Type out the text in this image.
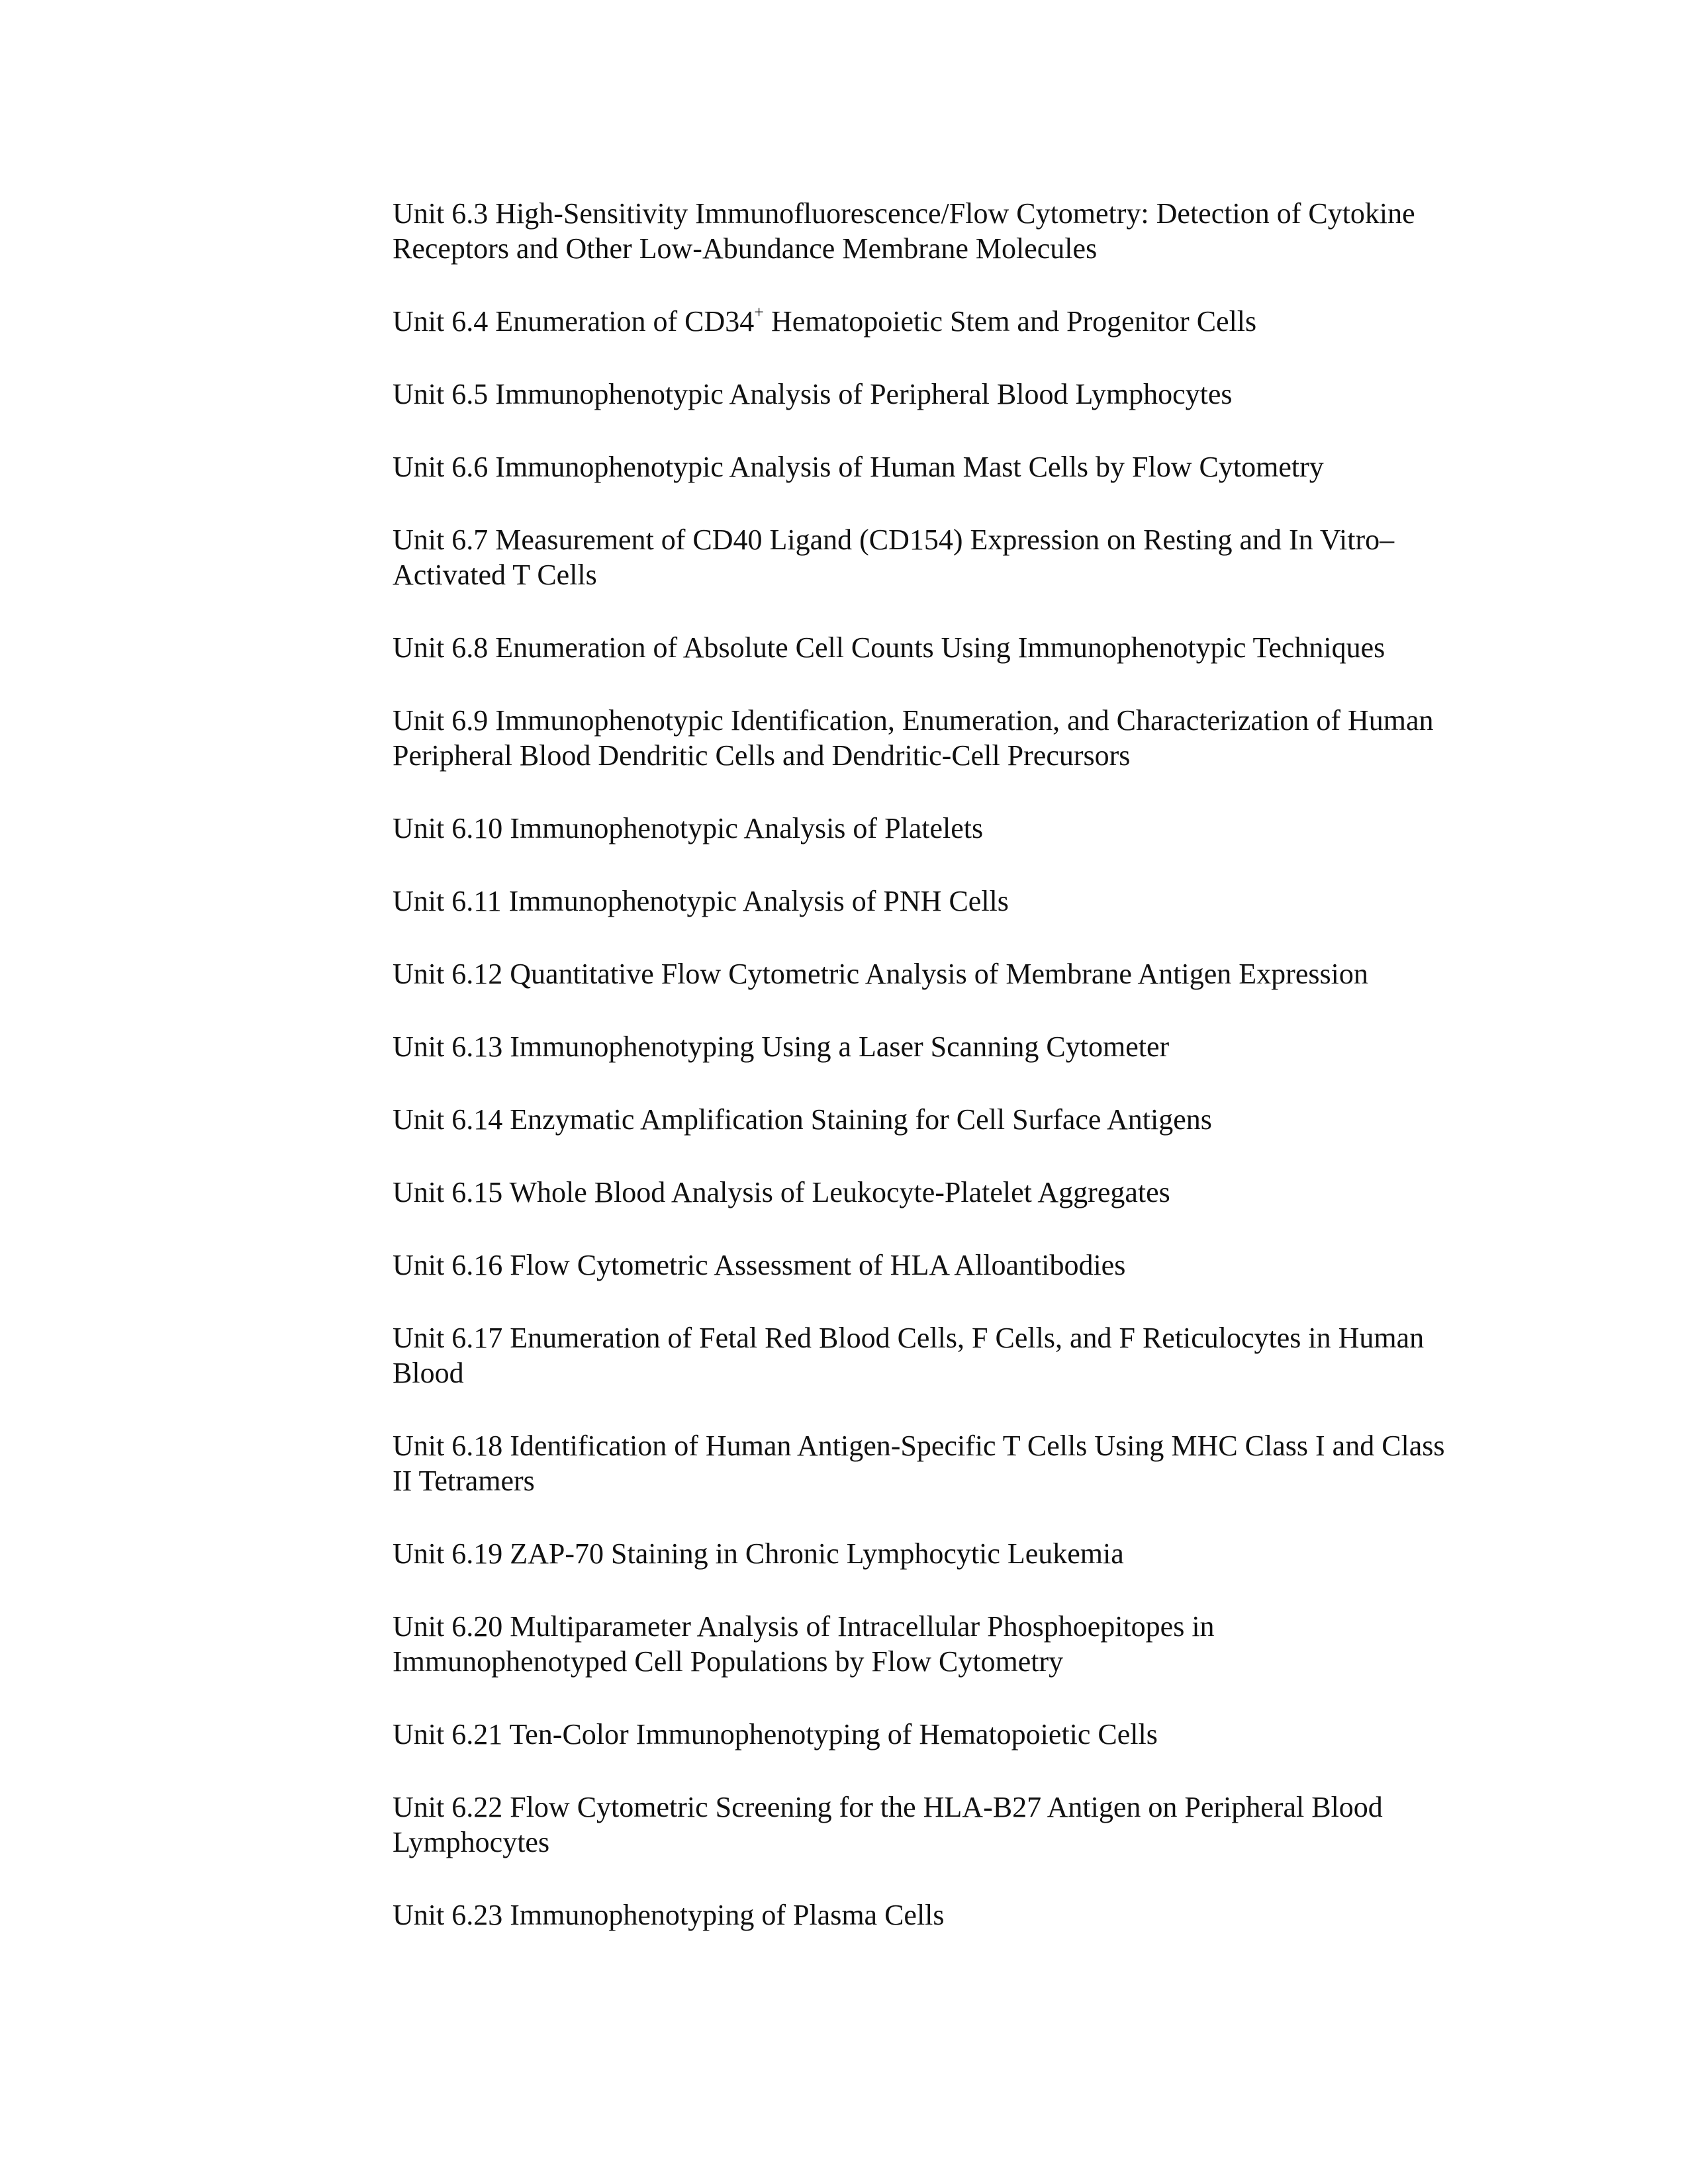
Unit 6.3 High-Sensitivity Immunofluorescence/Flow Cytometry: Detection of Cytokine Receptors and Other Low-Abundance Membrane Molecules
Unit 6.4 Enumeration of CD34+ Hematopoietic Stem and Progenitor Cells
Unit 6.5 Immunophenotypic Analysis of Peripheral Blood Lymphocytes
Unit 6.6 Immunophenotypic Analysis of Human Mast Cells by Flow Cytometry
Unit 6.7 Measurement of CD40 Ligand (CD154) Expression on Resting and In Vitro–Activated T Cells
Unit 6.8 Enumeration of Absolute Cell Counts Using Immunophenotypic Techniques
Unit 6.9 Immunophenotypic Identification, Enumeration, and Characterization of Human Peripheral Blood Dendritic Cells and Dendritic-Cell Precursors
Unit 6.10 Immunophenotypic Analysis of Platelets
Unit 6.11 Immunophenotypic Analysis of PNH Cells
Unit 6.12 Quantitative Flow Cytometric Analysis of Membrane Antigen Expression
Unit 6.13 Immunophenotyping Using a Laser Scanning Cytometer
Unit 6.14 Enzymatic Amplification Staining for Cell Surface Antigens
Unit 6.15 Whole Blood Analysis of Leukocyte-Platelet Aggregates
Unit 6.16 Flow Cytometric Assessment of HLA Alloantibodies
Unit 6.17 Enumeration of Fetal Red Blood Cells, F Cells, and F Reticulocytes in Human Blood
Unit 6.18 Identification of Human Antigen-Specific T Cells Using MHC Class I and Class II Tetramers
Unit 6.19 ZAP-70 Staining in Chronic Lymphocytic Leukemia
Unit 6.20 Multiparameter Analysis of Intracellular Phosphoepitopes in Immunophenotyped Cell Populations by Flow Cytometry
Unit 6.21 Ten-Color Immunophenotyping of Hematopoietic Cells
Unit 6.22 Flow Cytometric Screening for the HLA-B27 Antigen on Peripheral Blood Lymphocytes
Unit 6.23 Immunophenotyping of Plasma Cells
